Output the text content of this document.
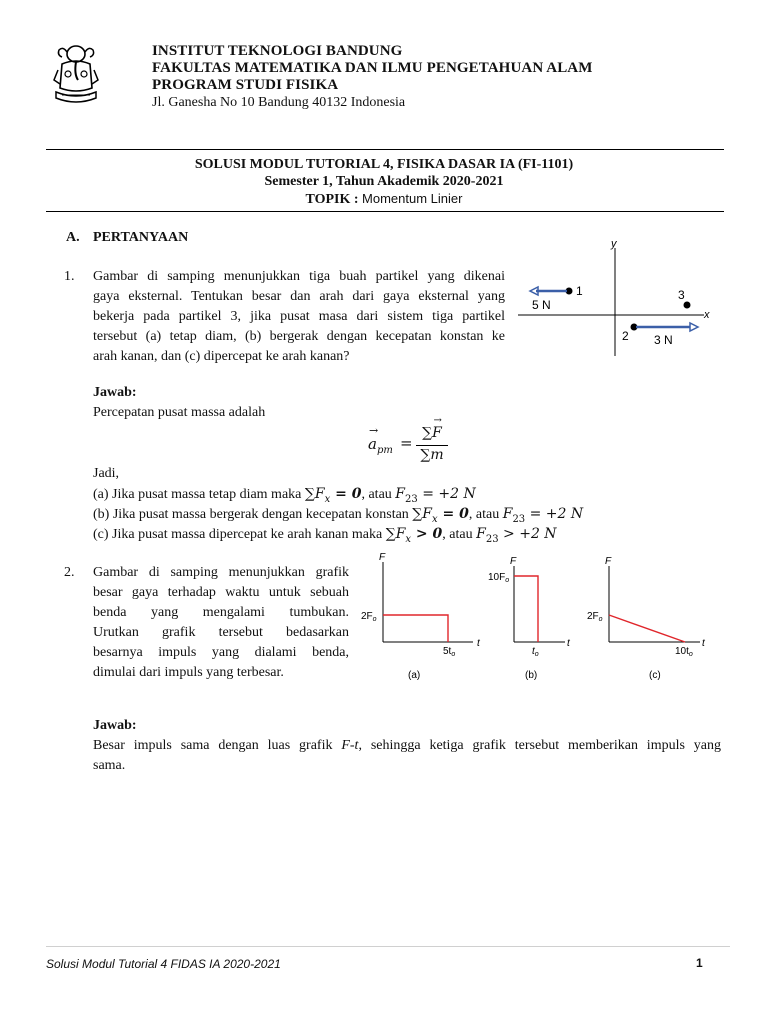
INSTITUT TEKNOLOGI BANDUNG
FAKULTAS MATEMATIKA DAN ILMU PENGETAHUAN ALAM
PROGRAM STUDI FISIKA
Jl. Ganesha No 10 Bandung 40132 Indonesia
SOLUSI MODUL TUTORIAL 4, FISIKA DASAR IA (FI-1101)
Semester 1, Tahun Akademik 2020-2021
TOPIK : Momentum Linier
A. PERTANYAAN
1. Gambar di samping menunjukkan tiga buah partikel yang dikenai
gaya eksternal. Tentukan besar dan arah dari gaya eksternal yang
bekerja pada partikel 3, jika pusat masa dari sistem tiga partikel
tersebut (a) tetap diam, (b) bergerak dengan kecepatan konstan ke
arah kanan, dan (c) dipercepat ke arah kanan?
y
x
1
5 N
3
2 3 N
Jawab:
Percepatan pusat massa adalah
→
$a_{pm}$ =
∑F
→
∑m
Jadi,
(a) Jika pusat massa tetap diam maka $\sum F_x = 0$, atau $F_{23} = +2$ N
(b) Jika pusat massa bergerak dengan kecepatan konstan $\sum F_x = 0$, atau $F_{23} = +2$ N
(c) Jika pusat massa dipercepat ke arah kanan maka $\sum F_x > 0$, atau $F_{23} > +2$ N
2. Gambar di samping menunjukkan grafik
besar gaya terhadap waktu untuk sebuah
benda yang mengalami tumbukan.
Urutkan grafik tersebut bedasarkan
besarnya impuls yang dialami benda,
dimulai dari impuls yang terbesar.
F
t
$2F_o$
$5t_o$
(a)
F
t
$10F_o$
$t_o$
(b)
F
t
$2F_o$
$10t_o$
(c)
Jawab:
Besar impuls sama dengan luas grafik F-t, sehingga ketiga grafik tersebut memberikan impuls yang
sama.
Solusi Modul Tutorial 4 FIDAS IA 2020-2021	1
